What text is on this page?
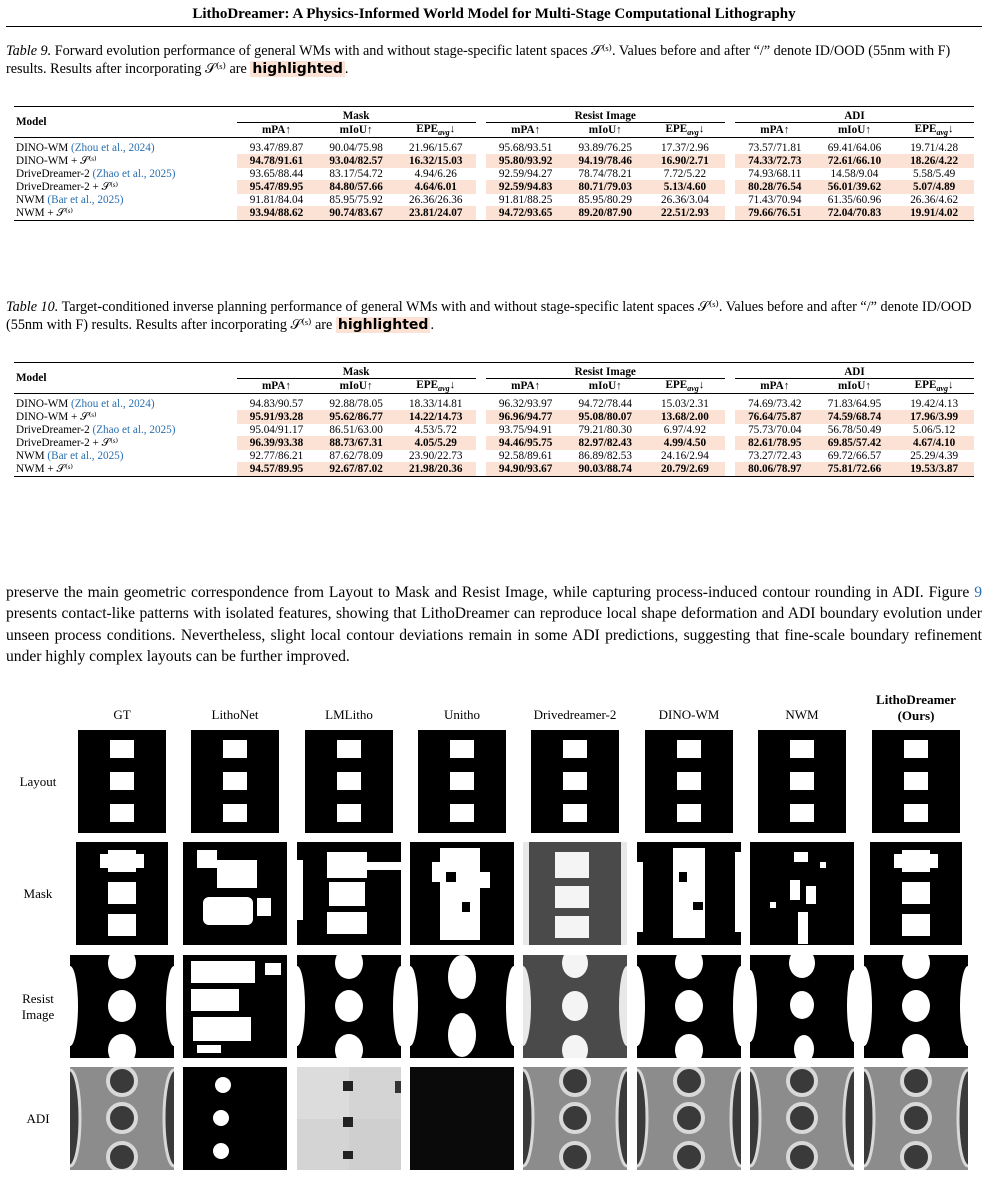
LithoDreamer: A Physics-Informed World Model for Multi-Stage Computational Lithography
Table 9. Forward evolution performance of general WMs with and without stage-specific latent spaces 𝒮⁽ˢ⁾. Values before and after “/” denote ID/OOD (55nm with F) results. Results after incorporating 𝒮⁽ˢ⁾ are highlighted .
Model		Mask				Resist Image				ADI		
		mPA↑	mIoU↑	$EPE_{avg}↓$		mPA↑	mIoU↑	$EPE_{avg}↓$		mPA↑	mIoU↑	$EPE_{avg}↓$
DINO-WM (Zhou et al., 2024)		93.47/89.87	90.04/75.98	21.96/15.67		95.68/93.51	93.89/76.25	17.37/2.96		73.57/71.81	69.41/64.06	19.71/4.28
DINO-WM + 𝒮⁽ˢ⁾		94.78/91.61	93.04/82.57	16.32/15.03		95.80/93.92	94.19/78.46	16.90/2.71		74.33/72.73	72.61/66.10	18.26/4.22
DriveDreamer-2 (Zhao et al., 2025)		93.65/88.44	83.17/54.72	4.94/6.26		92.59/94.27	78.74/78.21	7.72/5.22		74.93/68.11	14.58/9.04	5.58/5.49
DriveDreamer-2 + 𝒮⁽ˢ⁾		95.47/89.95	84.80/57.66	4.64/6.01		92.59/94.83	80.71/79.03	5.13/4.60		80.28/76.54	56.01/39.62	5.07/4.89
NWM (Bar et al., 2025)		91.81/84.04	85.95/75.92	26.36/26.36		91.81/88.25	85.95/80.29	26.36/3.04		71.43/70.94	61.35/60.96	26.36/4.62
NWM + 𝒮⁽ˢ⁾		93.94/88.62	90.74/83.67	23.81/24.07		94.72/93.65	89.20/87.90	22.51/2.93		79.66/76.51	72.04/70.83	19.91/4.02
Table 10. Target-conditioned inverse planning performance of general WMs with and without stage-specific latent spaces 𝒮⁽ˢ⁾. Values before and after “/” denote ID/OOD (55nm with F) results. Results after incorporating 𝒮⁽ˢ⁾ are highlighted .
Model		Mask				Resist Image				ADI		
		mPA↑	mIoU↑	$EPE_{avg}↓$		mPA↑	mIoU↑	$EPE_{avg}↓$		mPA↑	mIoU↑	$EPE_{avg}↓$
DINO-WM (Zhou et al., 2024)		94.83/90.57	92.88/78.05	18.33/14.81		96.32/93.97	94.72/78.44	15.03/2.31		74.69/73.42	71.83/64.95	19.42/4.13
DINO-WM + 𝒮⁽ˢ⁾		95.91/93.28	95.62/86.77	14.22/14.73		96.96/94.77	95.08/80.07	13.68/2.00		76.64/75.87	74.59/68.74	17.96/3.99
DriveDreamer-2 (Zhao et al., 2025)		95.04/91.17	86.51/63.00	4.53/5.72		93.75/94.91	79.21/80.30	6.97/4.92		75.73/70.04	56.78/50.49	5.06/5.12
DriveDreamer-2 + 𝒮⁽ˢ⁾		96.39/93.38	88.73/67.31	4.05/5.29		94.46/95.75	82.97/82.43	4.99/4.50		82.61/78.95	69.85/57.42	4.67/4.10
NWM (Bar et al., 2025)		92.77/86.21	87.62/78.09	23.90/22.73		92.58/89.61	86.89/82.53	24.16/2.94		73.27/72.43	69.72/66.57	25.29/4.39
NWM + 𝒮⁽ˢ⁾		94.57/89.95	92.67/87.02	21.98/20.36		94.90/93.67	90.03/88.74	20.79/2.69		80.06/78.97	75.81/72.66	19.53/3.87
preserve the main geometric correspondence from Layout to Mask and Resist Image, while capturing process-induced contour rounding in ADI. Figure 9 presents contact-like patterns with isolated features, showing that LithoDreamer can reproduce local shape deformation and ADI boundary evolution under unseen process conditions. Nevertheless, slight local contour deviations remain in some ADI predictions, suggesting that fine-scale boundary refinement under highly complex layouts can be further improved.
GT	LithoNet	LMLitho	Unitho	Drivedreamer-2	DINO-WM	NWM
LithoDreamer
(Ours)
Layout
Mask
Resist
Image
ADI
